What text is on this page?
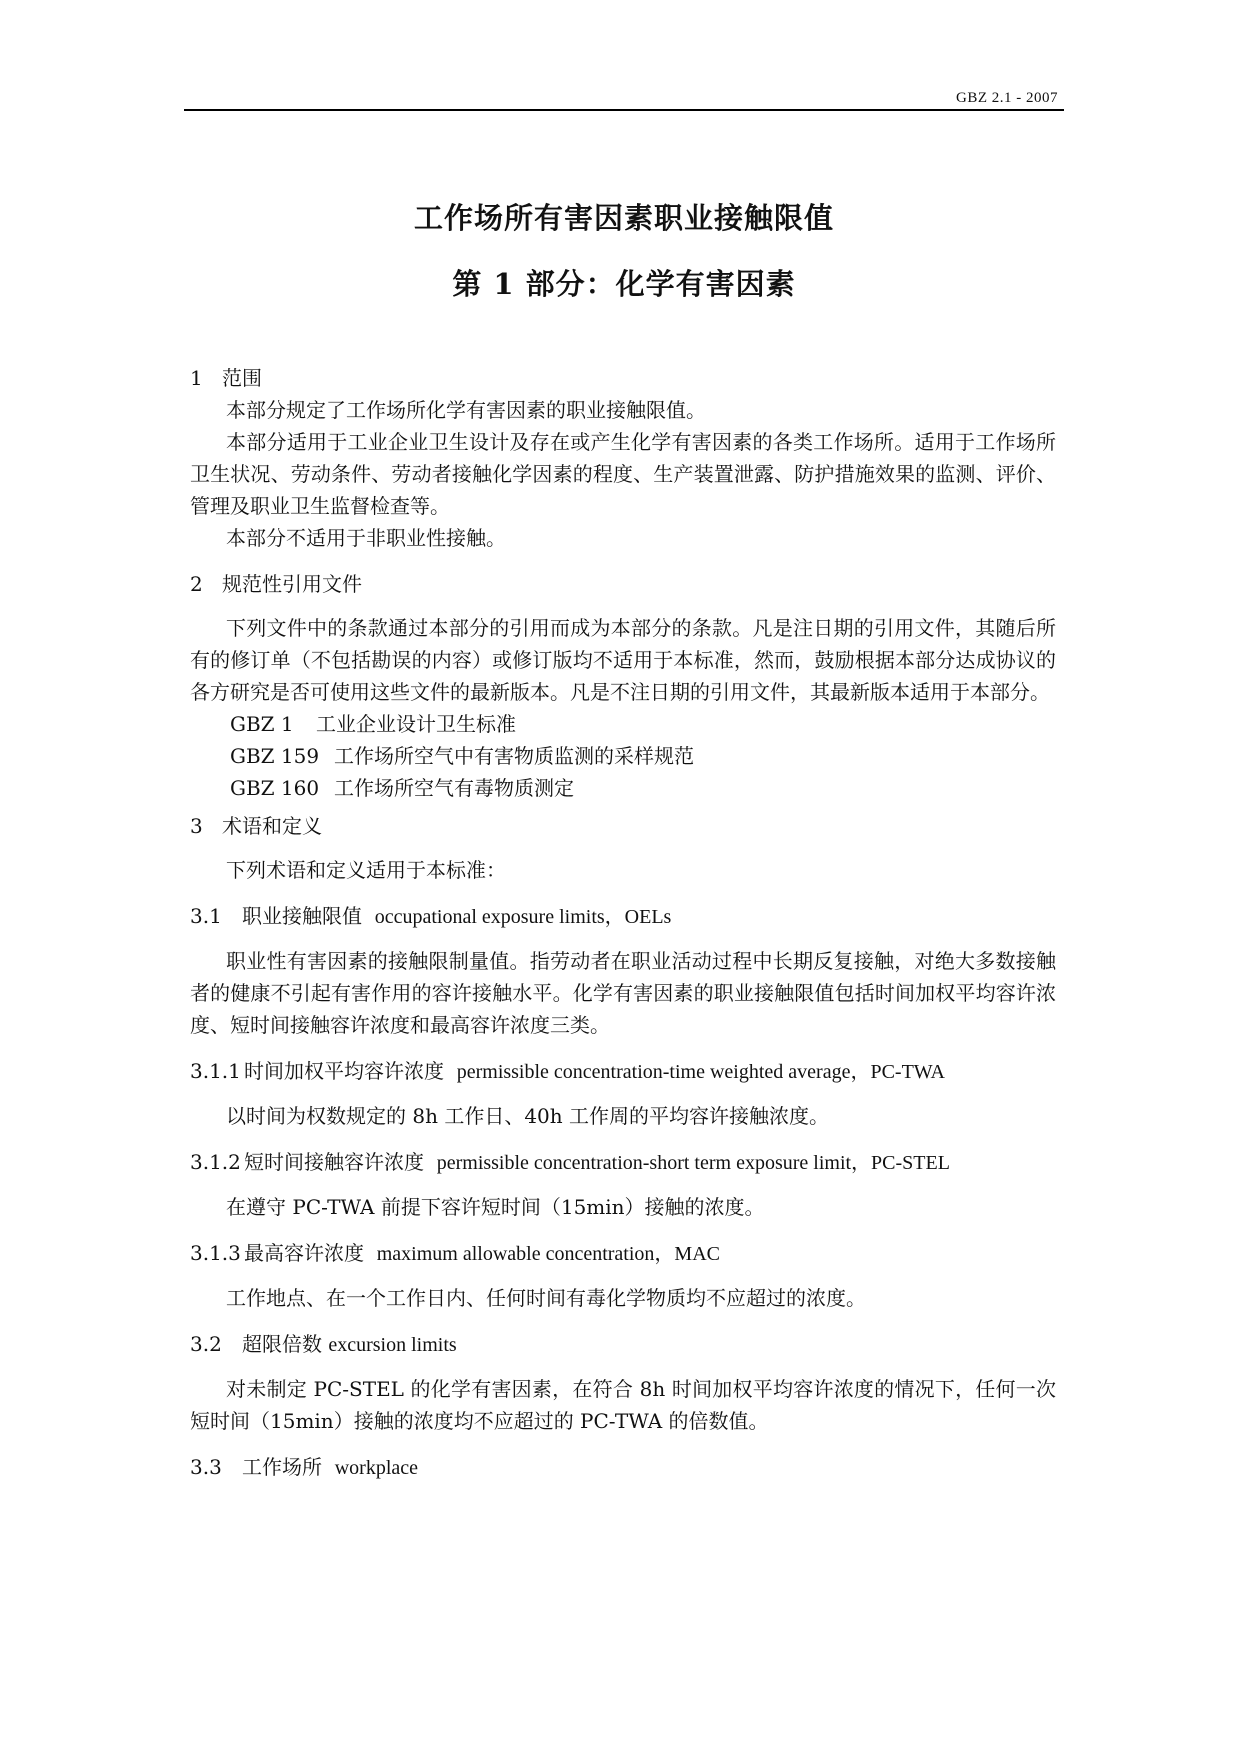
GBZ 2.1 - 2007
工作场所有害因素职业接触限值
第 1 部分：化学有害因素

1 范围

本部分规定了工作场所化学有害因素的职业接触限值。

本部分适用于工业企业卫生设计及存在或产生化学有害因素的各类工作场所。适用于工作场所卫生状况、劳动条件、劳动者接触化学因素的程度、生产装置泄露、防护措施效果的监测、评价、管理及职业卫生监督检查等。

本部分不适用于非职业性接触。

2 规范性引用文件

下列文件中的条款通过本部分的引用而成为本部分的条款。凡是注日期的引用文件，其随后所有的修订单（不包括勘误的内容）或修订版均不适用于本标准，然而，鼓励根据本部分达成协议的各方研究是否可使用这些文件的最新版本。凡是不注日期的引用文件，其最新版本适用于本部分。

GBZ 1 工业企业设计卫生标准

GBZ 159 工作场所空气中有害物质监测的采样规范

GBZ 160 工作场所空气有毒物质测定

3 术语和定义

下列术语和定义适用于本标准：

3.1 职业接触限值 occupational exposure limits，OELs

职业性有害因素的接触限制量值。指劳动者在职业活动过程中长期反复接触，对绝大多数接触者的健康不引起有害作用的容许接触水平。化学有害因素的职业接触限值包括时间加权平均容许浓度、短时间接触容许浓度和最高容许浓度三类。

3.1.1 时间加权平均容许浓度 permissible concentration-time weighted average，PC-TWA

以时间为权数规定的 8h 工作日、40h 工作周的平均容许接触浓度。

3.1.2 短时间接触容许浓度 permissible concentration-short term exposure limit，PC-STEL

在遵守 PC-TWA 前提下容许短时间（15min）接触的浓度。

3.1.3 最高容许浓度 maximum allowable concentration，MAC

工作地点、在一个工作日内、任何时间有毒化学物质均不应超过的浓度。

3.2 超限倍数 excursion limits

对未制定 PC-STEL 的化学有害因素，在符合 8h 时间加权平均容许浓度的情况下，任何一次短时间（15min）接触的浓度均不应超过的 PC-TWA 的倍数值。

3.3 工作场所 workplace
